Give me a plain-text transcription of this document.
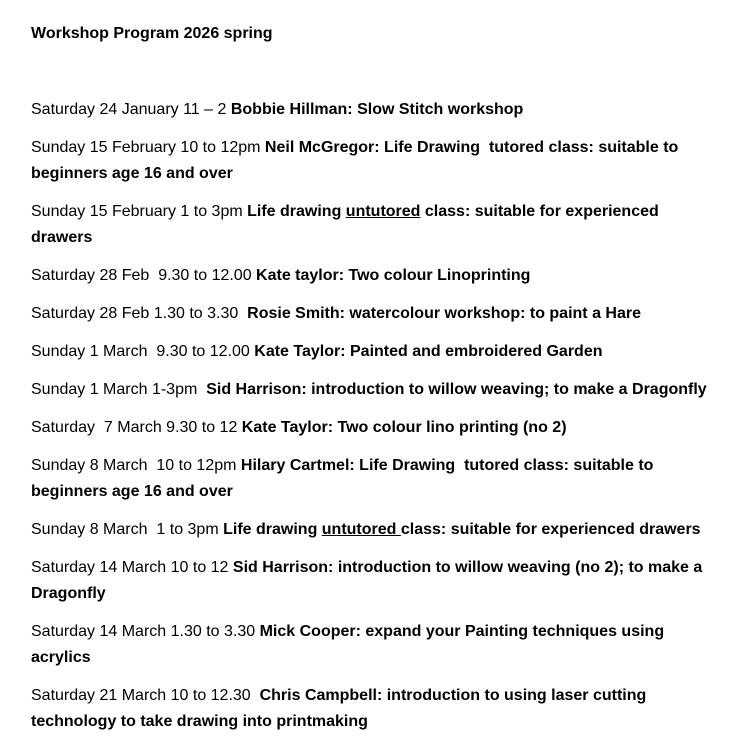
Workshop Program 2026 spring

Saturday 24 January 11 – 2 Bobbie Hillman: Slow Stitch workshop

Sunday 15 February 10 to 12pm Neil McGregor: Life Drawing  tutored class: suitable to beginners age 16 and over

Sunday 15 February 1 to 3pm Life drawing untutored class: suitable for experienced drawers

Saturday 28 Feb  9.30 to 12.00 Kate taylor: Two colour Linoprinting

Saturday 28 Feb 1.30 to 3.30  Rosie Smith: watercolour workshop: to paint a Hare

Sunday 1 March  9.30 to 12.00 Kate Taylor: Painted and embroidered Garden

Sunday 1 March 1-3pm  Sid Harrison: introduction to willow weaving; to make a Dragonfly

Saturday  7 March 9.30 to 12 Kate Taylor: Two colour lino printing (no 2)

Sunday 8 March  10 to 12pm Hilary Cartmel: Life Drawing  tutored class: suitable to beginners age 16 and over

Sunday 8 March  1 to 3pm Life drawing untutored class: suitable for experienced drawers

Saturday 14 March 10 to 12 Sid Harrison: introduction to willow weaving (no 2); to make a Dragonfly

Saturday 14 March 1.30 to 3.30 Mick Cooper: expand your Painting techniques using acrylics

Saturday 21 March 10 to 12.30  Chris Campbell: introduction to using laser cutting technology to take drawing into printmaking
